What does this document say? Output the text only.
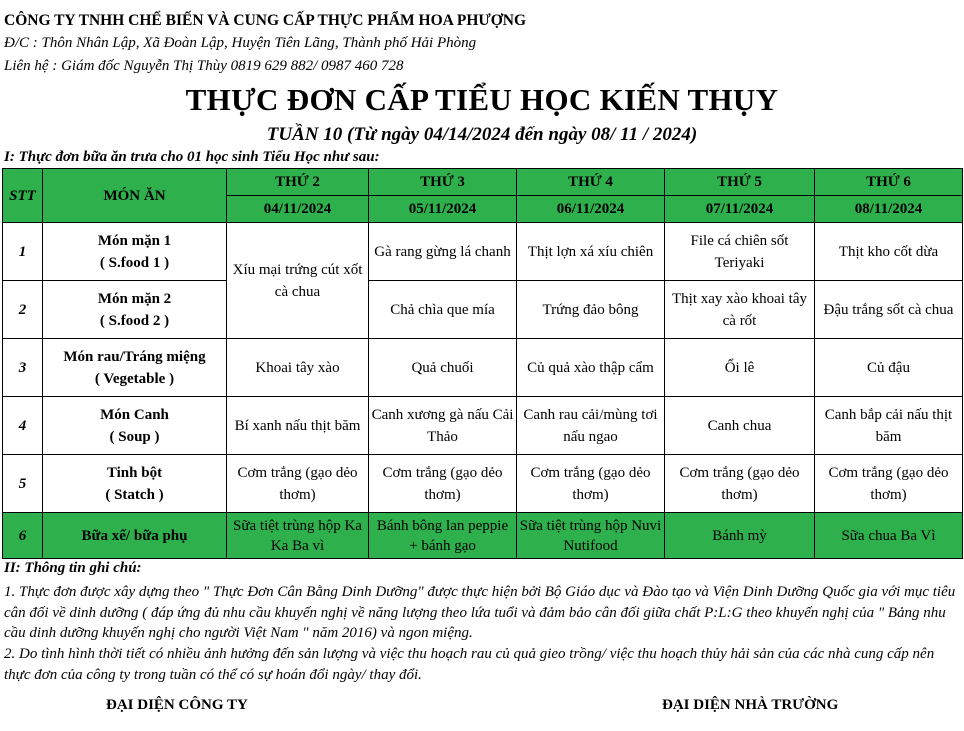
CÔNG TY TNHH CHẾ BIẾN VÀ CUNG CẤP THỰC PHẨM HOA PHƯỢNG
Đ/C : Thôn Nhân Lập, Xã Đoàn Lập, Huyện Tiên Lãng, Thành phố Hải Phòng
Liên hệ : Giám đốc Nguyễn Thị Thùy 0819 629 882/ 0987 460 728
THỰC ĐƠN CẤP TIỂU HỌC KIẾN THỤY
TUẦN 10 (Từ ngày 04/14/2024 đến ngày 08/ 11 / 2024)
I: Thực đơn bữa ăn trưa cho 01 học sinh Tiểu Học như sau:
STT	MÓN ĂN	THỨ 2	THỨ 3	THỨ 4	THỨ 5	THỨ 6
		04/11/2024	05/11/2024	06/11/2024	07/11/2024	08/11/2024
1	Món mặn 1
( S.food 1 )	Xíu mại trứng cút xốt cà chua	Gà rang gừng lá chanh	Thịt lợn xá xíu chiên	File cá chiên sốt Teriyaki	Thịt kho cốt dừa
2	Món mặn 2
( S.food 2 )		Chả chìa que mía	Trứng đảo bông	Thịt xay xào khoai tây cà rốt	Đậu trắng sốt cà chua
3	Món rau/Tráng miệng
( Vegetable )	Khoai tây xào	Quả chuối	Củ quả xào thập cẩm	Ổi lê	Củ đậu
4	Món Canh
( Soup )	Bí xanh nấu thịt băm	Canh xương gà nấu Cải Thảo	Canh rau cải/mùng tơi nấu ngao	Canh chua	Canh bắp cải nấu thịt băm
5	Tinh bột
( Statch )	Cơm trắng (gạo dẻo thơm)	Cơm trắng (gạo dẻo thơm)	Cơm trắng (gạo dẻo thơm)	Cơm trắng (gạo dẻo thơm)	Cơm trắng (gạo dẻo thơm)
6	Bữa xế/ bữa phụ	Sữa tiệt trùng hộp Ka Ka Ba vì	Bánh bông lan peppie + bánh gạo	Sữa tiệt trùng hộp Nuvi Nutifood	Bánh mỳ	Sữa chua Ba Vì
II: Thông tin ghi chú:
1. Thực đơn được xây dựng theo " Thực Đơn Cân Bằng Dinh Dưỡng" được thực hiện bởi Bộ Giáo dục và Đào tạo và Viện Dinh Dưỡng Quốc gia với mục tiêu cân đối về dinh dưỡng ( đáp ứng đủ nhu cầu khuyến nghị về năng lượng theo lứa tuổi và đảm bảo cân đối giữa chất P:L:G theo khuyến nghị của " Bảng nhu cầu dinh dưỡng khuyến nghị cho người Việt Nam " năm 2016) và ngon miệng.
2. Do tình hình thời tiết có nhiều ảnh hưởng đến sản lượng và việc thu hoạch rau củ quả gieo trồng/ việc thu hoạch thủy hải sản của các nhà cung cấp nên thực đơn của công ty trong tuần có thể có sự hoán đổi ngày/ thay đổi.
ĐẠI DIỆN CÔNG TY	ĐẠI DIỆN NHÀ TRƯỜNG
